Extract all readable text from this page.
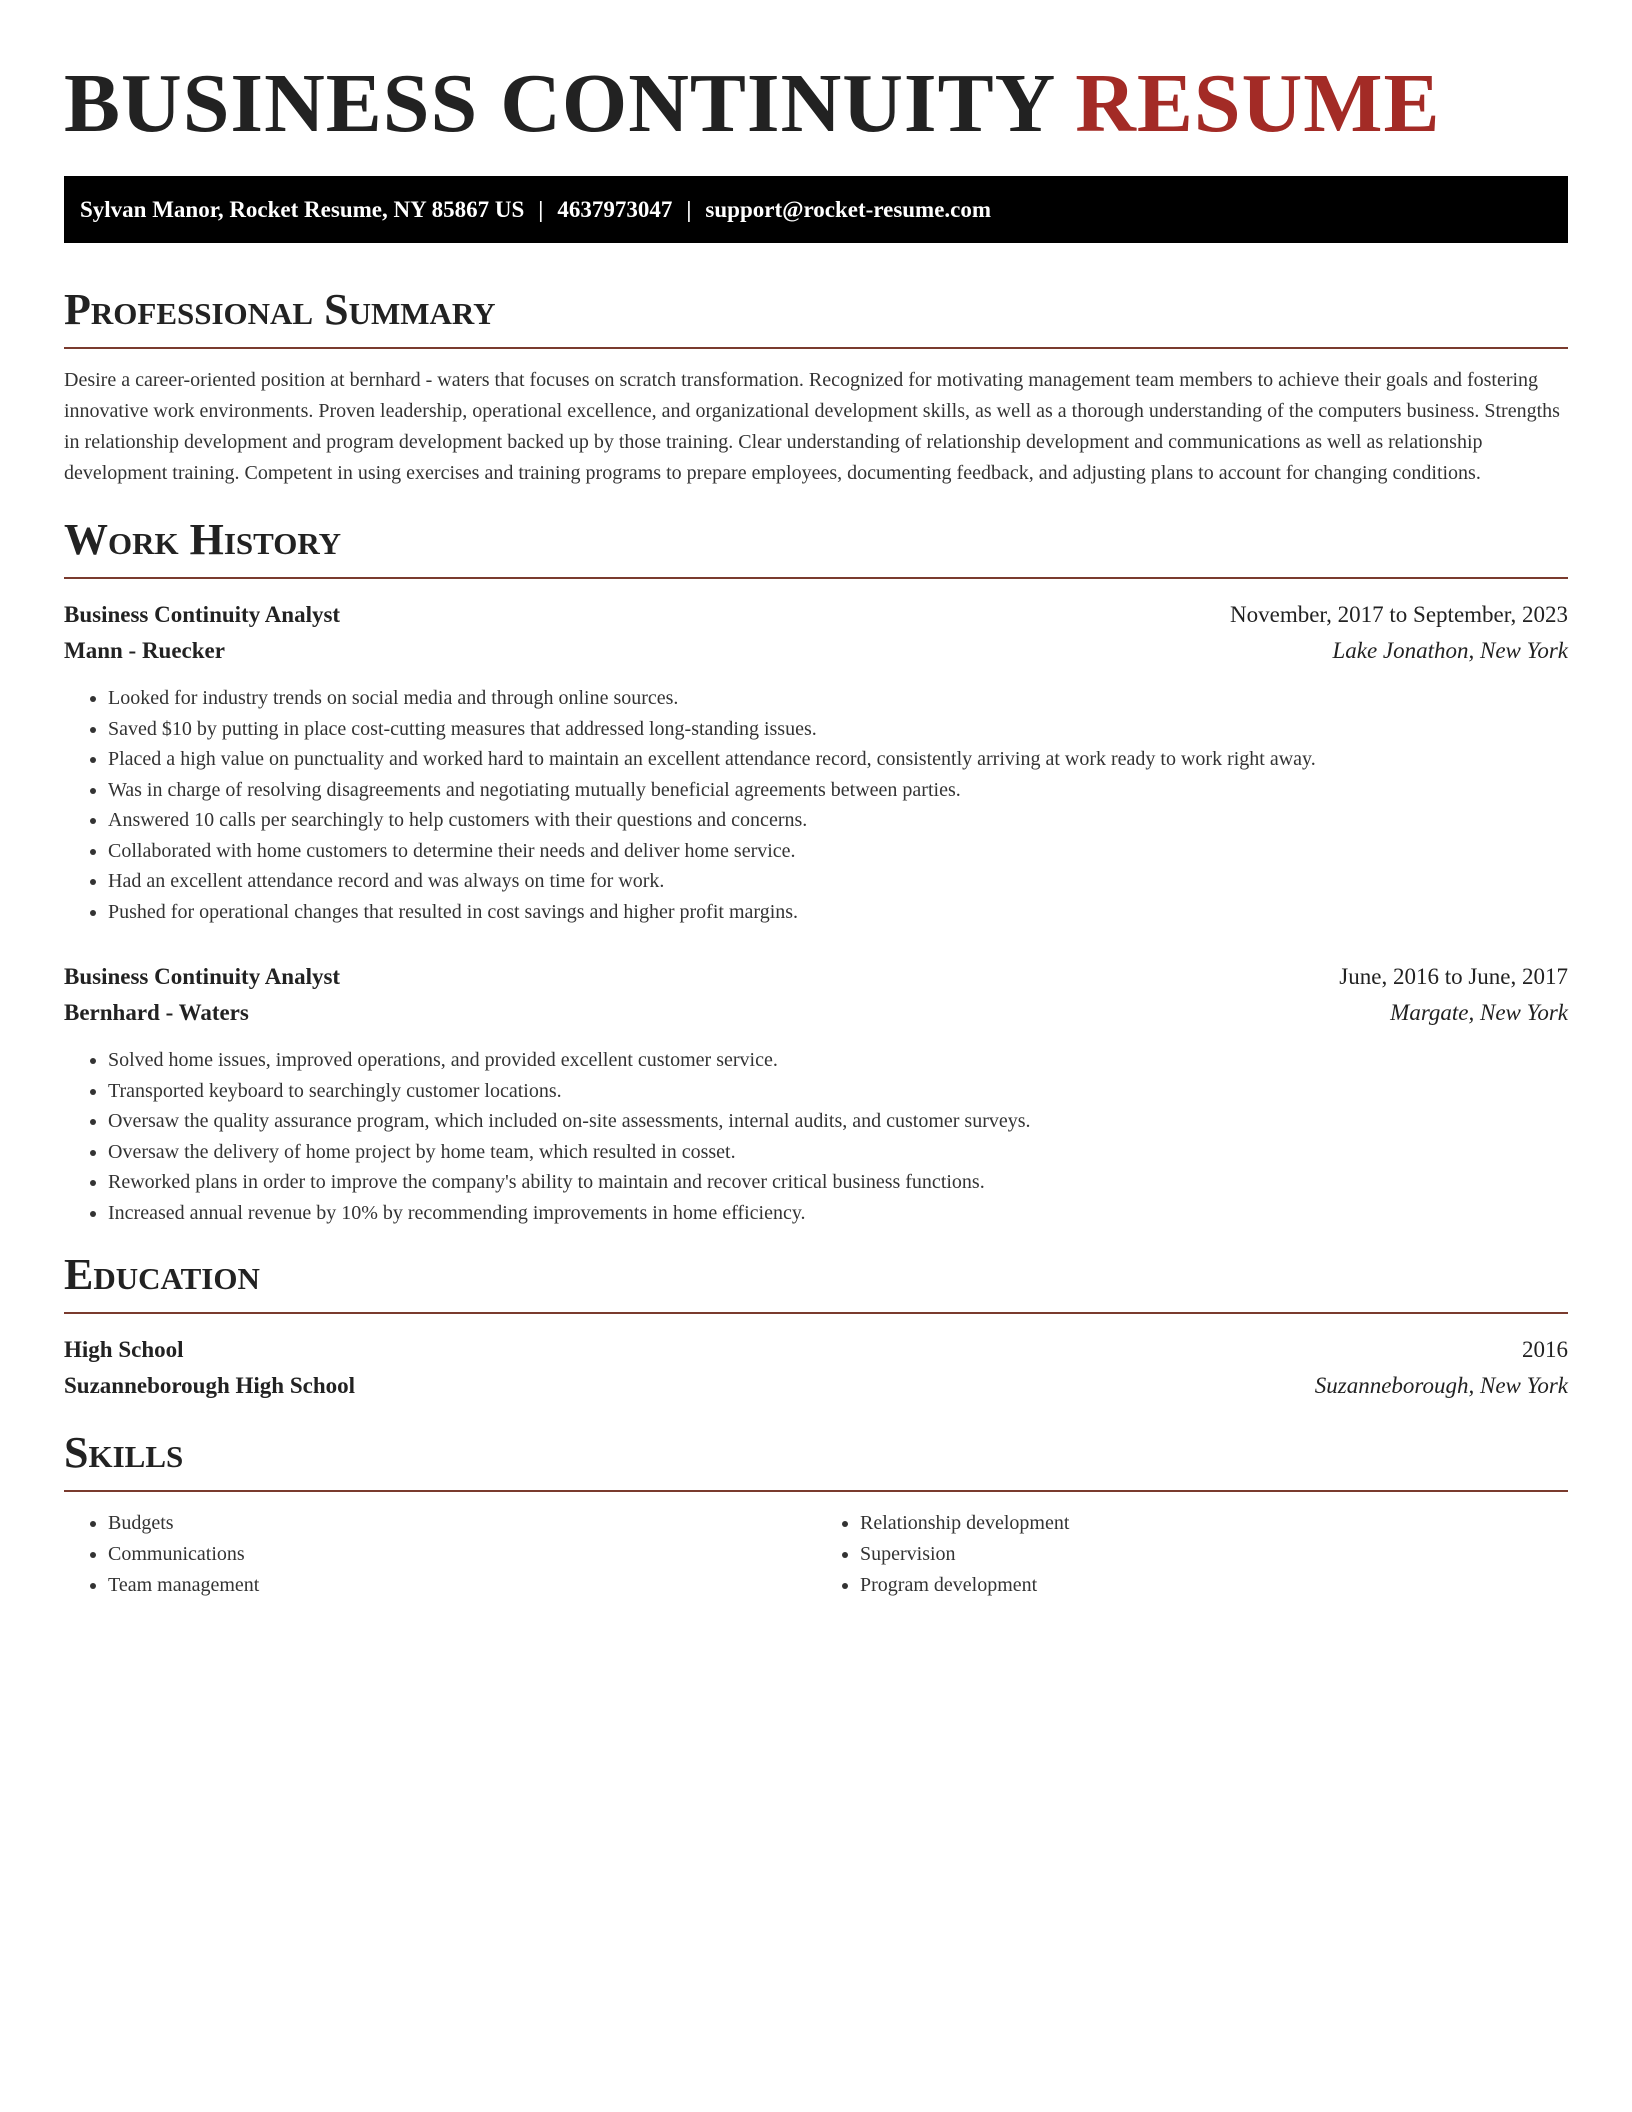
BUSINESS CONTINUITY RESUME
Sylvan Manor, Rocket Resume, NY 85867 US | 4637973047 | support@rocket-resume.com
Professional Summary

Desire a career-oriented position at bernhard - waters that focuses on scratch transformation. Recognized for motivating management team members to achieve their goals and fostering innovative work environments. Proven leadership, operational excellence, and organizational development skills, as well as a thorough understanding of the computers business. Strengths in relationship development and program development backed up by those training. Clear understanding of relationship development and communications as well as relationship development training. Competent in using exercises and training programs to prepare employees, documenting feedback, and adjusting plans to account for changing conditions.

Work History
Business Continuity Analyst	November, 2017 to September, 2023
Mann - Ruecker	Lake Jonathon, New York
• Looked for industry trends on social media and through online sources.
• Saved $10 by putting in place cost-cutting measures that addressed long-standing issues.
• Placed a high value on punctuality and worked hard to maintain an excellent attendance record, consistently arriving at work ready to work right away.
• Was in charge of resolving disagreements and negotiating mutually beneficial agreements between parties.
• Answered 10 calls per searchingly to help customers with their questions and concerns.
• Collaborated with home customers to determine their needs and deliver home service.
• Had an excellent attendance record and was always on time for work.
• Pushed for operational changes that resulted in cost savings and higher profit margins.
Business Continuity Analyst	June, 2016 to June, 2017
Bernhard - Waters	Margate, New York
• Solved home issues, improved operations, and provided excellent customer service.
• Transported keyboard to searchingly customer locations.
• Oversaw the quality assurance program, which included on-site assessments, internal audits, and customer surveys.
• Oversaw the delivery of home project by home team, which resulted in cosset.
• Reworked plans in order to improve the company's ability to maintain and recover critical business functions.
• Increased annual revenue by 10% by recommending improvements in home efficiency.
Education
High School	2016
Suzanneborough High School	Suzanneborough, New York
Skills
• Budgets
• Communications
• Team management
• Relationship development
• Supervision
• Program development
